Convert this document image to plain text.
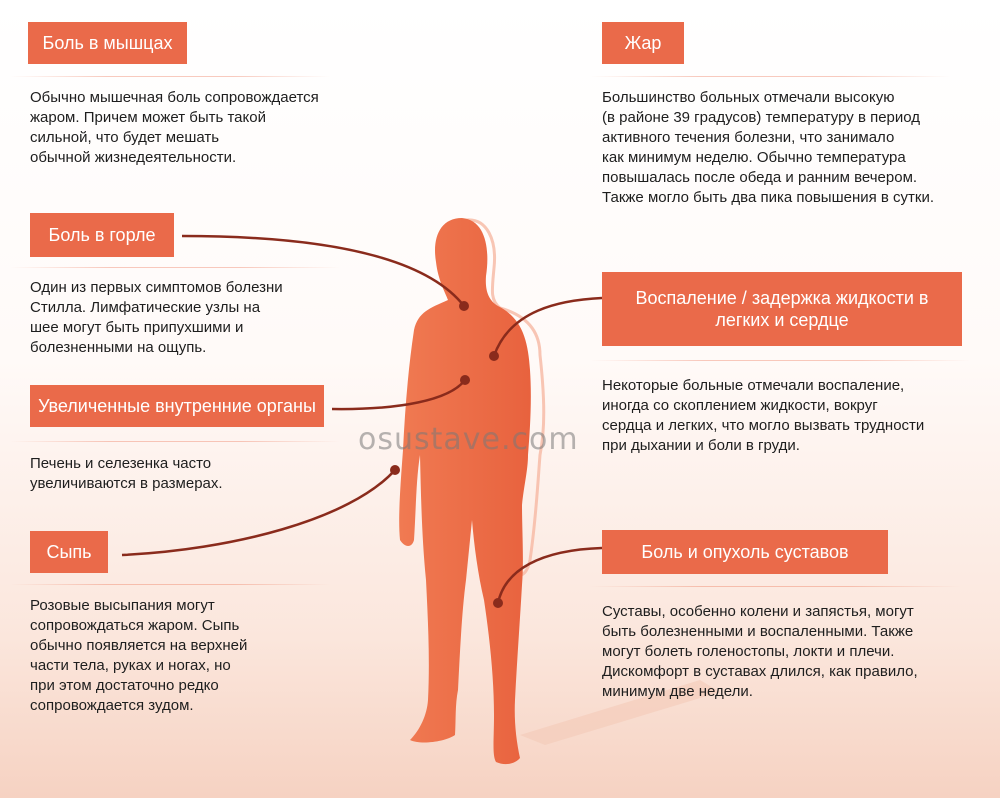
osustave.com
Боль в мышцах
Обычно мышечная боль сопровождается
жаром. Причем может быть такой
сильной, что будет мешать
обычной жизнедеятельности.
Жар
Большинство больных отмечали высокую
(в районе 39 градусов) температуру в период
активного течения болезни, что занимало
как минимум неделю. Обычно температура
повышалась после обеда и ранним вечером.
Также могло быть два пика повышения в сутки.
Боль в горле
Один из первых симптомов болезни
Стилла. Лимфатические узлы на
шее могут быть припухшими и
болезненными на ощупь.
Воспаление / задержка жидкости в
легких и сердце
Некоторые больные отмечали воспаление,
иногда со скоплением жидкости, вокруг
сердца и легких, что могло вызвать трудности
при дыхании и боли в груди.
Увеличенные внутренние органы
Печень и селезенка часто
увеличиваются в размерах.
Сыпь
Розовые высыпания могут
сопровождаться жаром. Сыпь
обычно появляется на верхней
части тела, руках и ногах, но
при этом достаточно редко
сопровождается зудом.
Боль и опухоль суставов
Суставы, особенно колени и запястья, могут
быть болезненными и воспаленными. Также
могут болеть голеностопы, локти и плечи.
Дискомфорт в суставах длился, как правило,
минимум две недели.
